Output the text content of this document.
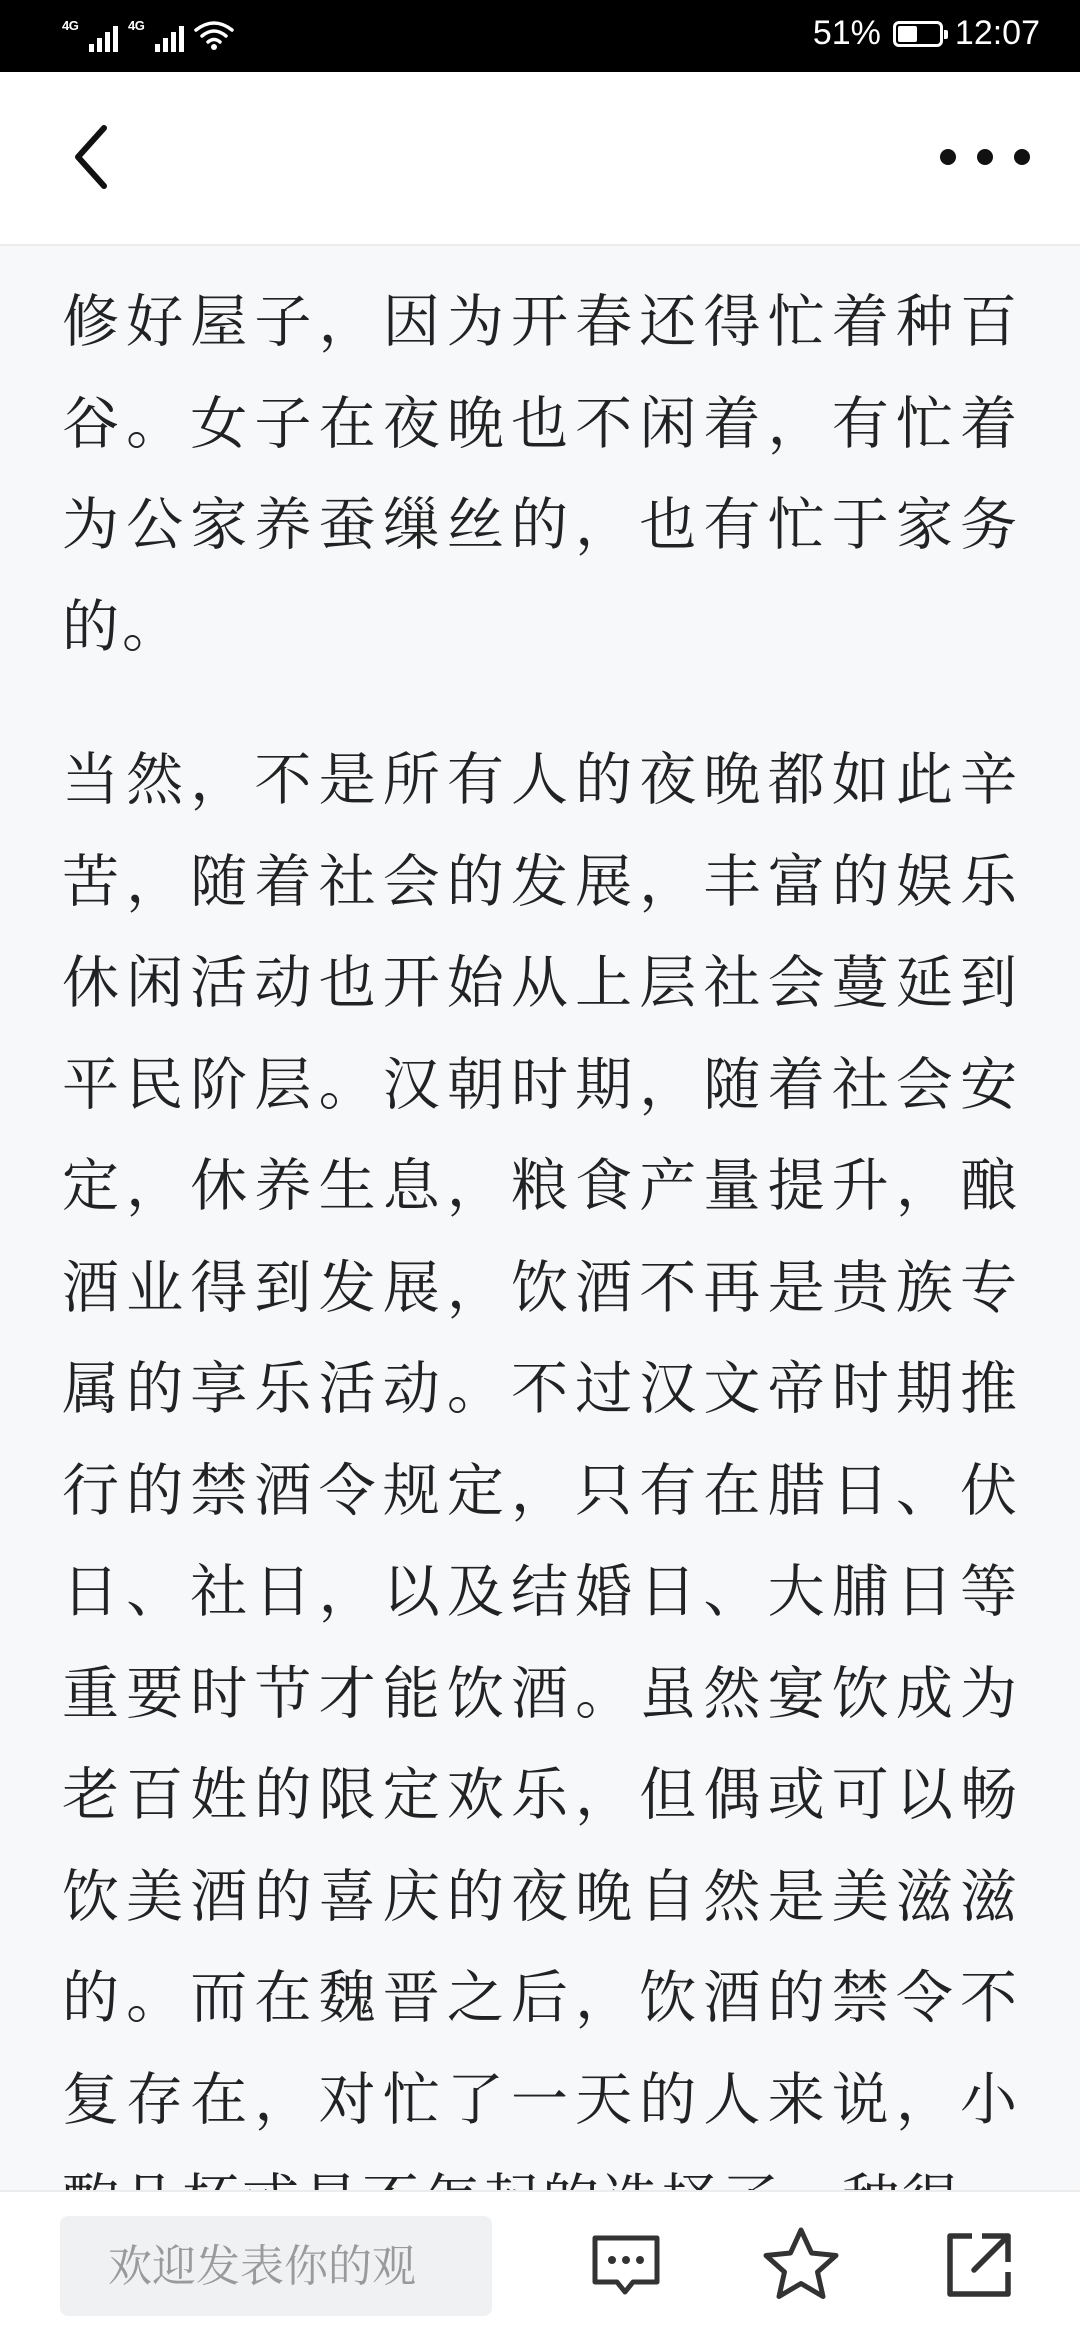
4G	4G	51% 12:07

修好屋子，因为开春还得忙着种百谷。女子在夜晚也不闲着，有忙着为公家养蚕缫丝的，也有忙于家务的。

当然，不是所有人的夜晚都如此辛苦，随着社会的发展，丰富的娱乐休闲活动也开始从上层社会蔓延到平民阶层。汉朝时期，随着社会安定，休养生息，粮食产量提升，酿酒业得到发展，饮酒不再是贵族专属的享乐活动。不过汉文帝时期推行的禁酒令规定，只有在腊日、伏日、社日，以及结婚日、大脯日等重要时节才能饮酒。虽然宴饮成为老百姓的限定欢乐，但偶或可以畅饮美酒的喜庆的夜晚自然是美滋滋的。而在魏晋之后，饮酒的禁令不复存在，对忙了一天的人来说，小

欢迎发表你的观
